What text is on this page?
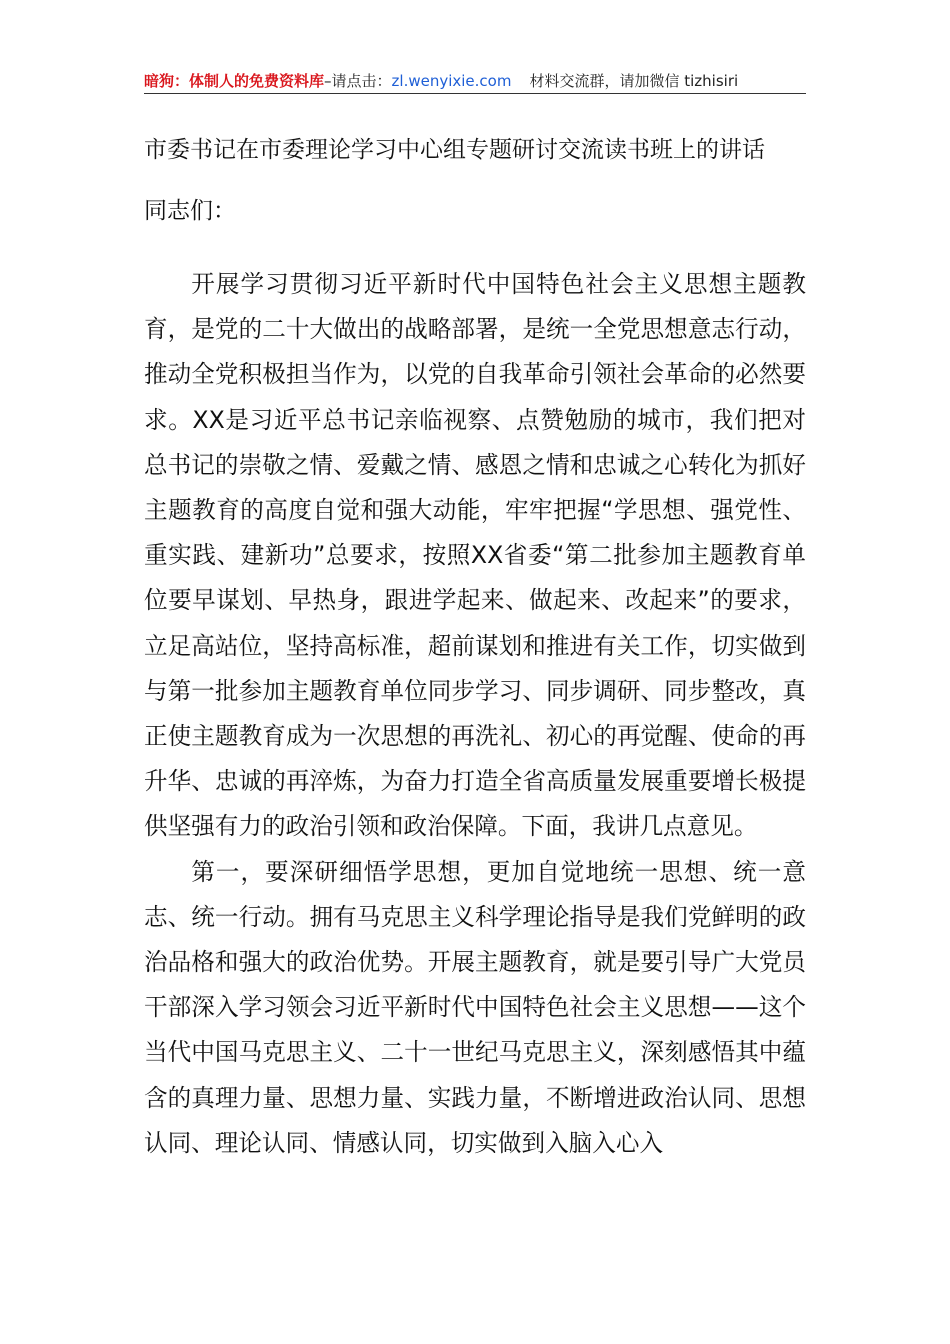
暗狗：体制人的免费资料库–请点击：zl.wenyixie.com 材料交流群，请加微信 tizhisiri
市委书记在市委理论学习中心组专题研讨交流读书班上的讲话
同志们：

开展学习贯彻习近平新时代中国特色社会主义思想主题教育，是党的二十大做出的战略部署，是统一全党思想意志行动，推动全党积极担当作为，以党的自我革命引领社会革命的必然要求。XX是习近平总书记亲临视察、点赞勉励的城市，我们把对总书记的崇敬之情、爱戴之情、感恩之情和忠诚之心转化为抓好主题教育的高度自觉和强大动能，牢牢把握“学思想、强党性、重实践、建新功”总要求，按照XX省委“第二批参加主题教育单位要早谋划、早热身，跟进学起来、做起来、改起来”的要求，立足高站位，坚持高标准，超前谋划和推进有关工作，切实做到与第一批参加主题教育单位同步学习、同步调研、同步整改，真正使主题教育成为一次思想的再洗礼、初心的再觉醒、使命的再升华、忠诚的再淬炼，为奋力打造全省高质量发展重要增长极提供坚强有力的政治引领和政治保障。下面，我讲几点意见。

第一，要深研细悟学思想，更加自觉地统一思想、统一意志、统一行动。拥有马克思主义科学理论指导是我们党鲜明的政治品格和强大的政治优势。开展主题教育，就是要引导广大党员干部深入学习领会习近平新时代中国特色社会主义思想——这个当代中国马克思主义、二十一世纪马克思主义，深刻感悟其中蕴含的真理力量、思想力量、实践力量，不断增进政治认同、思想认同、理论认同、情感认同，切实做到入脑入心入
